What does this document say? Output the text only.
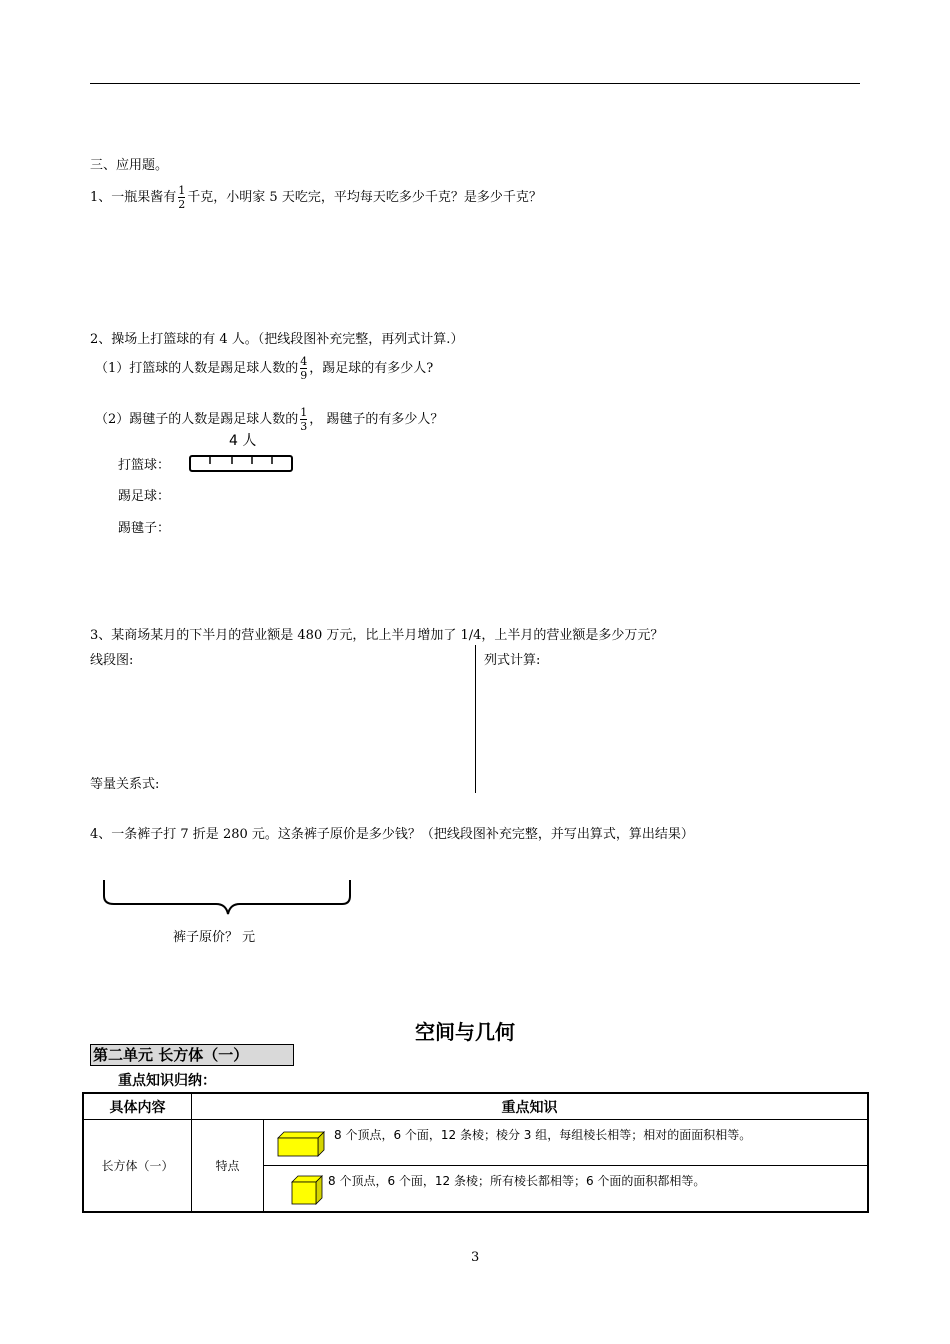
三、应用题。
1、一瓶果酱有 $\frac{1}{2}$ 千克，小明家 5 天吃完，平均每天吃多少千克？是多少千克？
2、操场上打篮球的有 4 人。（把线段图补充完整，再列式计算.）
（1）打篮球的人数是踢足球人数的 $\frac{4}{9}$ ，踢足球的有多少人?
（2）踢毽子的人数是踢足球人数的 $\frac{1}{3}$ ， 踢毽子的有多少人？
4 人
打篮球：
踢足球：
踢毽子：
3、某商场某月的下半月的营业额是 480 万元，比上半月增加了 1/4，上半月的营业额是多少万元？
线段图:	列式计算:
等量关系式:
4、一条裤子打 7 折是 280 元。这条裤子原价是多少钱？（把线段图补充完整，并写出算式，算出结果）
裤子原价？ 元
空间与几何
第二单元 长方体（一）
重点知识归纳：
具体内容	重点知识	
长方体（一）	特点	8 个顶点，6 个面，12 条棱；棱分 3 组，每组棱长相等；相对的面面积相等。

		8 个顶点，6 个面，12 条棱；所有棱长都相等；6 个面的面积都相等。
3
